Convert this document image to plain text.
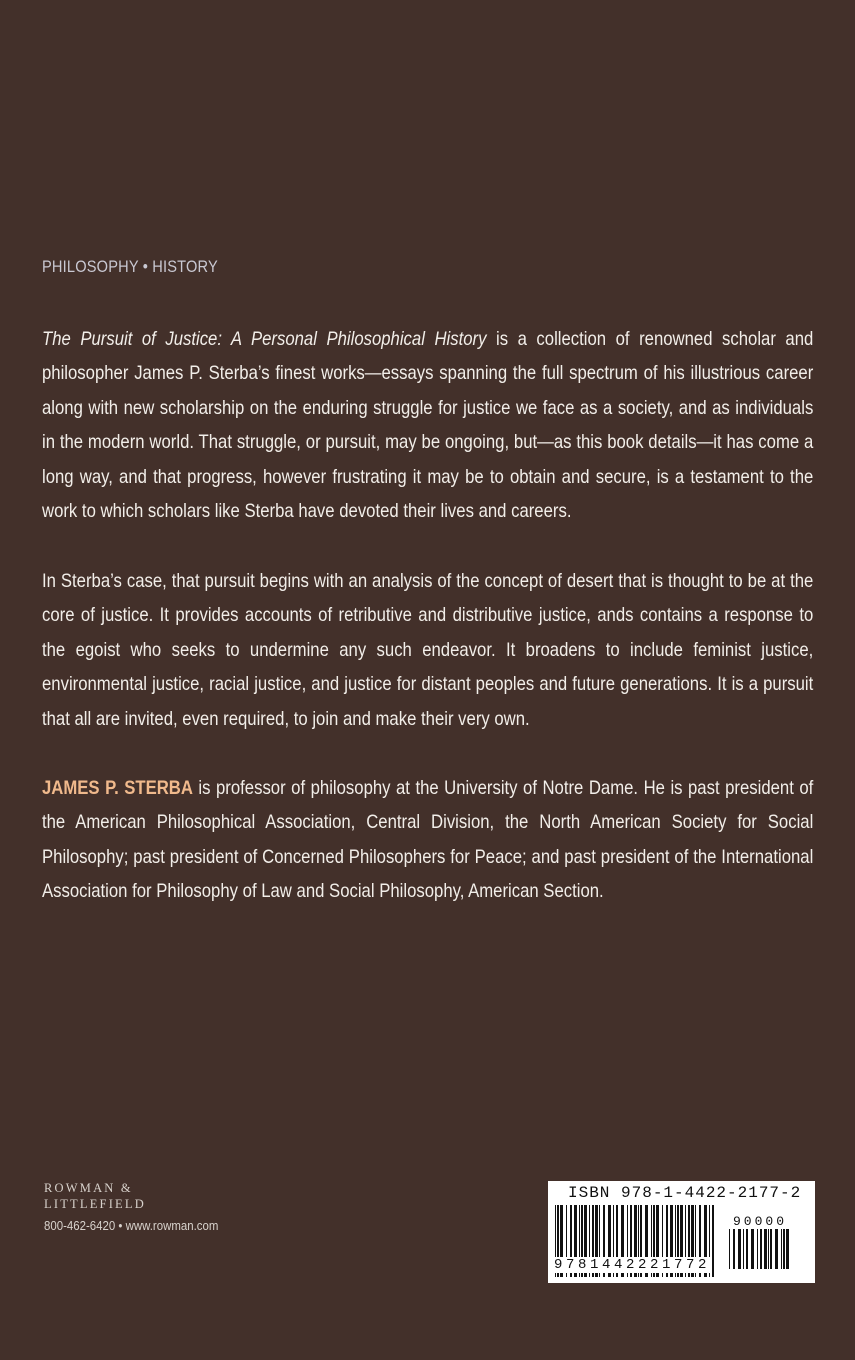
PHILOSOPHY • HISTORY
The Pursuit of Justice: A Personal Philosophical History is a collection of renowned scholar and philosopher James P. Sterba’s finest works—essays spanning the full spectrum of his illustrious career along with new scholarship on the enduring struggle for justice we face as a society, and as individuals in the modern world. That struggle, or pursuit, may be ongoing, but—as this book details—it has come a long way, and that progress, however frustrating it may be to obtain and secure, is a testament to the work to which scholars like Sterba have devoted their lives and careers.
In Sterba’s case, that pursuit begins with an analysis of the concept of desert that is thought to be at the core of justice. It provides accounts of retributive and distributive justice, ands contains a response to the egoist who seeks to undermine any such endeavor. It broadens to include feminist justice, environmental justice, racial justice, and justice for distant peoples and future generations. It is a pursuit that all are invited, even required, to join and make their very own.
JAMES P. STERBA is professor of philosophy at the University of Notre Dame. He is past president of the American Philosophical Association, Central Division, the North American Society for Social Philosophy; past president of Concerned Philosophers for Peace; and past president of the International Association for Philosophy of Law and Social Philosophy, American Section.
ROWMAN &
LITTLEFIELD
800-462-6420 • www.rowman.com
ISBN 978-1-4422-2177-2
90000
9781442221772
